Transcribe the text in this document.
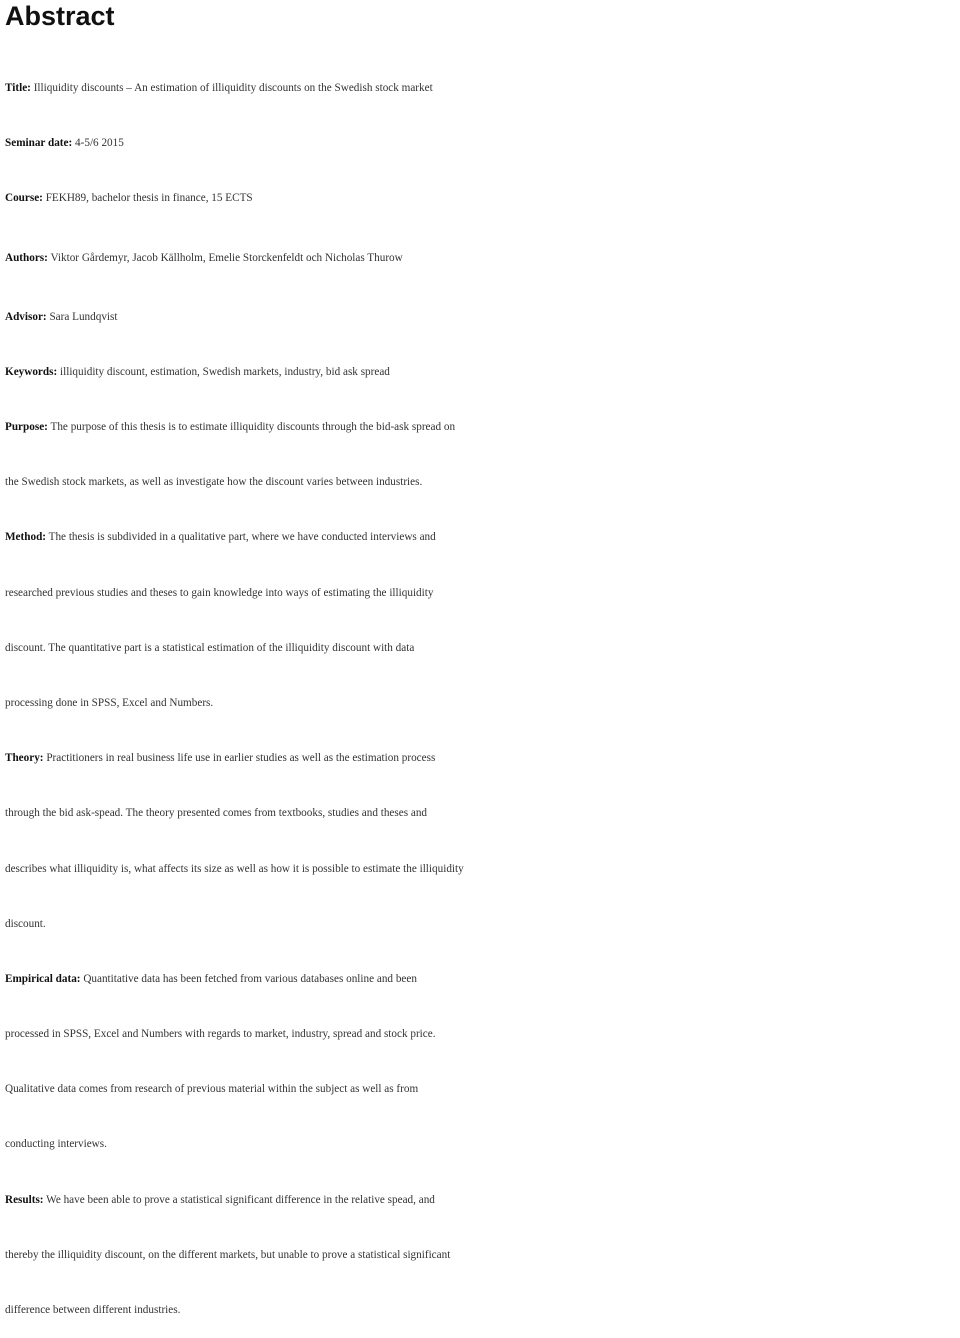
Abstract

Title: Illiquidity discounts – An estimation of illiquidity discounts on the Swedish stock market

Seminar date: 4-5/6 2015

Course: FEKH89, bachelor thesis in finance, 15 ECTS

Authors: Viktor Gårdemyr, Jacob Källholm, Emelie Storckenfeldt och Nicholas Thurow

Advisor: Sara Lundqvist

Keywords: illiquidity discount, estimation, Swedish markets, industry, bid ask spread

Purpose: The purpose of this thesis is to estimate illiquidity discounts through the bid-ask spread on
the Swedish stock markets, as well as investigate how the discount varies between industries.
Method: The thesis is subdivided in a qualitative part, where we have conducted interviews and
researched previous studies and theses to gain knowledge into ways of estimating the illiquidity
discount. The quantitative part is a statistical estimation of the illiquidity discount with data
processing done in SPSS, Excel and Numbers.
Theory: Practitioners in real business life use in earlier studies as well as the estimation process
through the bid ask-spead. The theory presented comes from textbooks, studies and theses and
describes what illiquidity is, what affects its size as well as how it is possible to estimate the illiquidity
discount.
Empirical data: Quantitative data has been fetched from various databases online and been
processed in SPSS, Excel and Numbers with regards to market, industry, spread and stock price.
Qualitative data comes from research of previous material within the subject as well as from
conducting interviews.
Results: We have been able to prove a statistical significant difference in the relative spead, and
thereby the illiquidity discount, on the different markets, but unable to prove a statistical significant
difference between different industries.
